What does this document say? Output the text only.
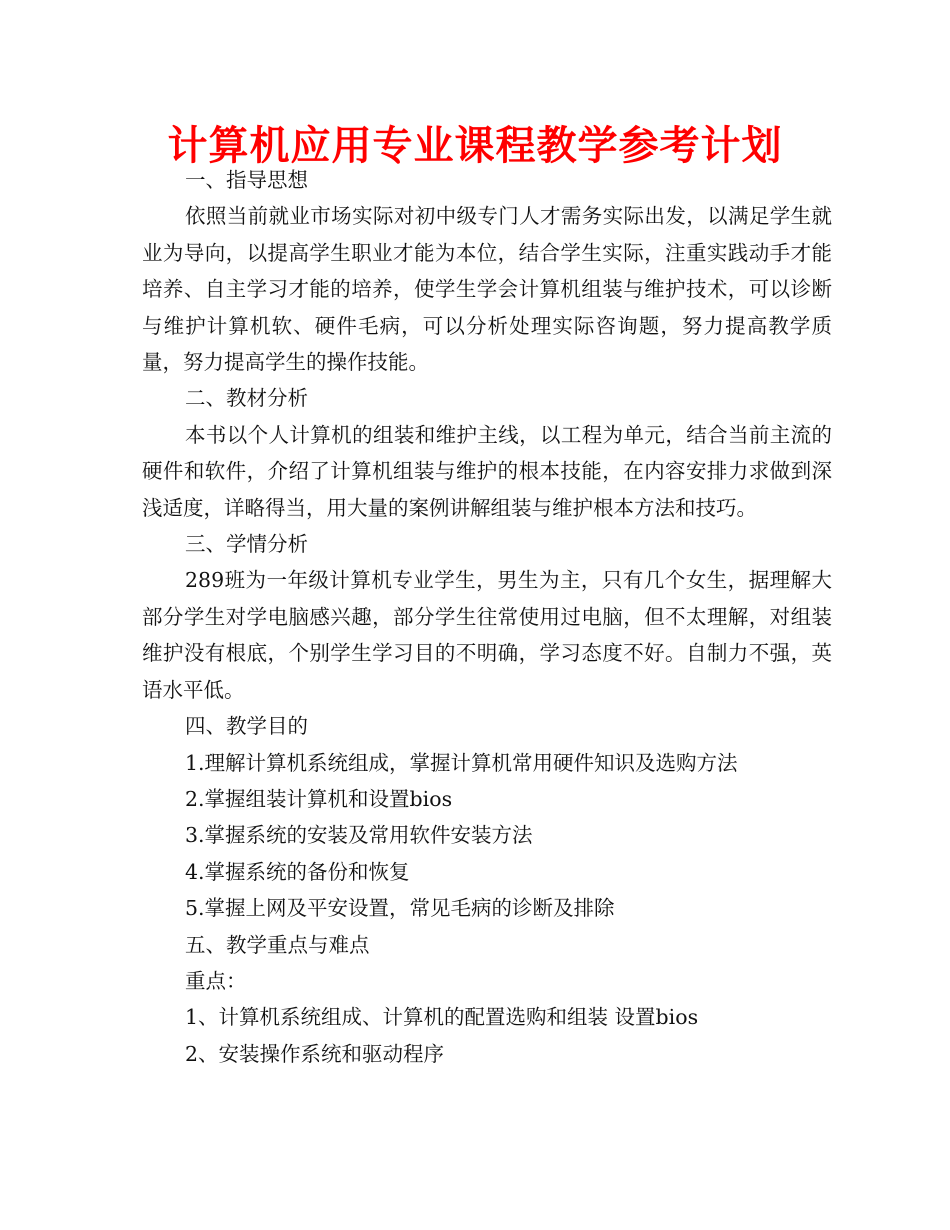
计算机应用专业课程教学参考计划

一、指导思想

依照当前就业市场实际对初中级专门人才需务实际出发，以满足学生就业为导向，以提高学生职业才能为本位，结合学生实际，注重实践动手才能培养、自主学习才能的培养，使学生学会计算机组装与维护技术，可以诊断与维护计算机软、硬件毛病，可以分析处理实际咨询题，努力提高教学质量，努力提高学生的操作技能。

二、教材分析

本书以个人计算机的组装和维护主线，以工程为单元，结合当前主流的硬件和软件，介绍了计算机组装与维护的根本技能，在内容安排力求做到深浅适度，详略得当，用大量的案例讲解组装与维护根本方法和技巧。

三、学情分析

289班为一年级计算机专业学生，男生为主，只有几个女生，据理解大部分学生对学电脑感兴趣，部分学生往常使用过电脑，但不太理解，对组装维护没有根底，个别学生学习目的不明确，学习态度不好。自制力不强，英语水平低。

四、教学目的

1.理解计算机系统组成，掌握计算机常用硬件知识及选购方法

2.掌握组装计算机和设置bios

3.掌握系统的安装及常用软件安装方法

4.掌握系统的备份和恢复

5.掌握上网及平安设置，常见毛病的诊断及排除

五、教学重点与难点

重点：

1、计算机系统组成、计算机的配置选购和组装 设置bios

2、安装操作系统和驱动程序
